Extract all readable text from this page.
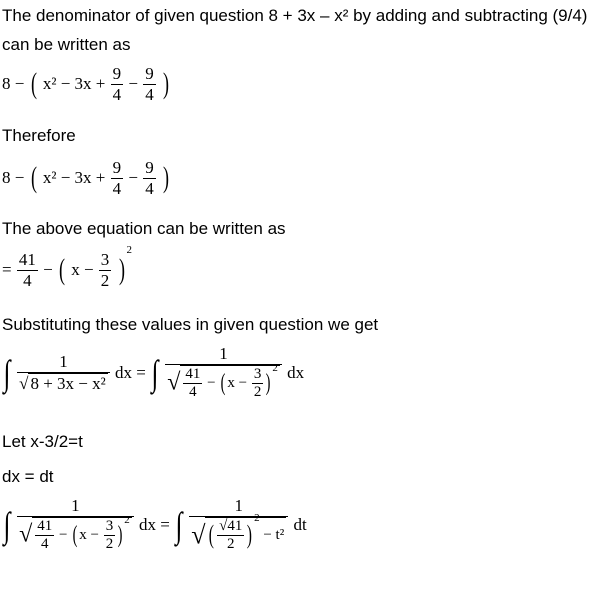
The denominator of given question 8 + 3x – x² by adding and subtracting (9/4)
can be written as
8 − ( $x^2 - 3x + \frac{9}{4} - \frac{9}{4}$ )
Therefore
8 − ( $x^2 - 3x + \frac{9}{4} - \frac{9}{4}$ )
The above equation can be written as
= $\frac{41}{4}$ − ( $x - \frac{3}{2} )^2$
Substituting these values in given question we get
∫ $\frac{1}{\text{√ 8 + 3x − x²}}$ dx = ∫ $\frac{1}{√ \frac{41}{4} - ( x - \frac{3}{2} )^2}$ dx
Let x-3/2=t
dx = dt
∫ $\frac{1}{√ \frac{41}{4} - ( x - \frac{3}{2} )^2}$ dx = ∫ $\frac{1}{√ ( \frac{√41}{2} )^2 - t^2}$ dt
